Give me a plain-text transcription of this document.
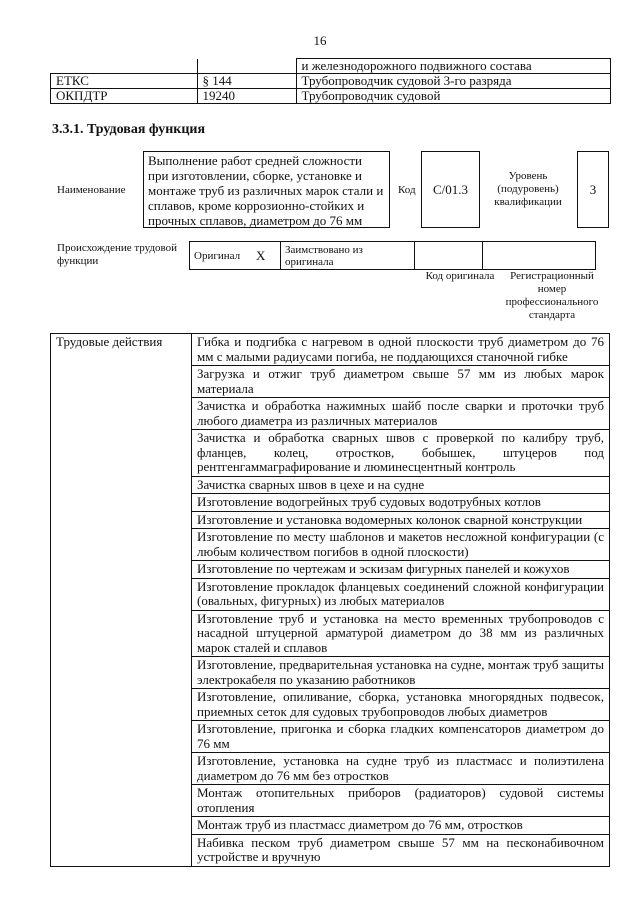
16
		и железнодорожного подвижного состава
ЕТКС	§ 144	Трубопроводчик судовой 3-го разряда
ОКПДТР	19240	Трубопроводчик судовой
3.3.1. Трудовая функция
Наименование
Выполнение работ средней сложности при изготовлении, сборке, установке и монтаже труб из различных марок стали и сплавов, кроме коррозионно-стойких и прочных сплавов, диаметром до 76 мм
Код	С/01.3
Уровень (подуровень) квалификации
3
Происхождение трудовой функции	Оригинал	X	Заимствовано из оригинала		
Код оригинала	Регистрационный номер профессионального стандарта
Трудовые действия	Гибка и подгибка с нагревом в одной плоскости труб диаметром до 76 мм с малыми радиусами погиба, не поддающихся станочной гибке
Загрузка и отжиг труб диаметром свыше 57 мм из любых марок материала
Зачистка и обработка нажимных шайб после сварки и проточки труб любого диаметра из различных материалов
Зачистка и обработка сварных швов с проверкой по калибру труб, фланцев, колец, отростков, бобышек, штуцеров под рентгенгаммаграфирование и люминесцентный контроль
Зачистка сварных швов в цехе и на судне
Изготовление водогрейных труб судовых водотрубных котлов
Изготовление и установка водомерных колонок сварной конструкции
Изготовление по месту шаблонов и макетов несложной конфигурации (с любым количеством погибов в одной плоскости)
Изготовление по чертежам и эскизам фигурных панелей и кожухов
Изготовление прокладок фланцевых соединений сложной конфигурации (овальных, фигурных) из любых материалов
Изготовление труб и установка на место временных трубопроводов с насадной штуцерной арматурой диаметром до 38 мм из различных марок сталей и сплавов
Изготовление, предварительная установка на судне, монтаж труб защиты электрокабеля по указанию работников
Изготовление, опиливание, сборка, установка многорядных подвесок, приемных сеток для судовых трубопроводов любых диаметров
Изготовление, пригонка и сборка гладких компенсаторов диаметром до 76 мм
Изготовление, установка на судне труб из пластмасс и полиэтилена диаметром до 76 мм без отростков
Монтаж отопительных приборов (радиаторов) судовой системы отопления
Монтаж труб из пластмасс диаметром до 76 мм, отростков
Набивка песком труб диаметром свыше 57 мм на песконабивочном устройстве и вручную
